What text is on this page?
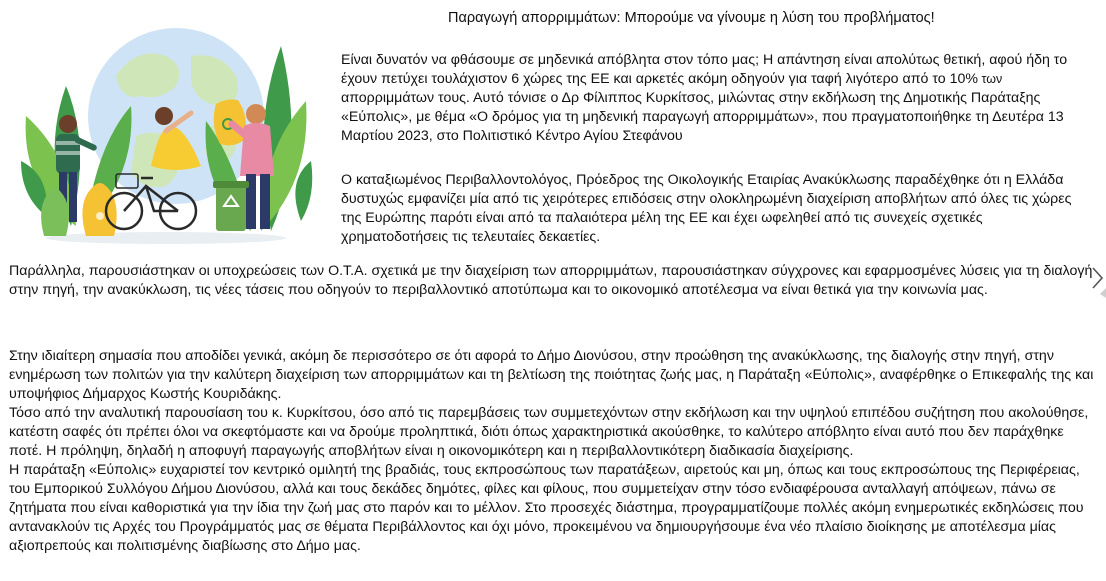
Παραγωγή απορριμμάτων: Μπορούμε να γίνουμε η λύση του προβλήματος!
Είναι δυνατόν να φθάσουμε σε μηδενικά απόβλητα στον τόπο μας; Η απάντηση είναι απολύτως θετική, αφού ήδη το έχουν πετύχει τουλάχιστον 6 χώρες της ΕΕ και αρκετές ακόμη οδηγούν για ταφή λιγότερο από το 10% των απορριμμάτων τους. Αυτό τόνισε ο Δρ Φίλιππος Κυρκίτσος, μιλώντας στην εκδήλωση της Δημοτικής Παράταξης «Εύπολις», με θέμα «Ο δρόμος για τη μηδενική παραγωγή απορριμμάτων», που πραγματοποιήθηκε τη Δευτέρα 13 Μαρτίου 2023, στο Πολιτιστικό Κέντρο Αγίου Στεφάνου
Ο καταξιωμένος Περιβαλλοντολόγος, Πρόεδρος της Οικολογικής Εταιρίας Ανακύκλωσης παραδέχθηκε ότι η Ελλάδα δυστυχώς εμφανίζει μία από τις χειρότερες επιδόσεις στην ολοκληρωμένη διαχείριση αποβλήτων από όλες τις χώρες της Ευρώπης παρότι είναι από τα παλαιότερα μέλη της ΕΕ και έχει ωφεληθεί από τις συνεχείς σχετικές χρηματοδοτήσεις τις τελευταίες δεκαετίες.
Παράλληλα, παρουσιάστηκαν οι υποχρεώσεις των Ο.Τ.Α. σχετικά με την διαχείριση των απορριμμάτων, παρουσιάστηκαν σύγχρονες και εφαρμοσμένες λύσεις για τη διαλογή στην πηγή, την ανακύκλωση, τις νέες τάσεις που οδηγούν το περιβαλλοντικό αποτύπωμα και το οικονομικό αποτέλεσμα να είναι θετικά για την κοινωνία μας.
Στην ιδιαίτερη σημασία που αποδίδει γενικά, ακόμη δε περισσότερο σε ότι αφορά το Δήμο Διονύσου, στην προώθηση της ανακύκλωσης, της διαλογής στην πηγή, στην ενημέρωση των πολιτών για την καλύτερη διαχείριση των απορριμμάτων και τη βελτίωση της ποιότητας ζωής μας, η Παράταξη «Εύπολις», αναφέρθηκε ο Επικεφαλής της και υποψήφιος Δήμαρχος Κωστής Κουριδάκης.
Τόσο από την αναλυτική παρουσίαση του κ. Κυρκίτσου, όσο από τις παρεμβάσεις των συμμετεχόντων στην εκδήλωση και την υψηλού επιπέδου συζήτηση που ακολούθησε, κατέστη σαφές ότι πρέπει όλοι να σκεφτόμαστε και να δρούμε προληπτικά, διότι όπως χαρακτηριστικά ακούσθηκε, το καλύτερο απόβλητο είναι αυτό που δεν παράχθηκε ποτέ. Η πρόληψη, δηλαδή η αποφυγή παραγωγής αποβλήτων είναι η οικονομικότερη και η περιβαλλοντικότερη διαδικασία διαχείρισης.
Η παράταξη «Εύπολις» ευχαριστεί τον κεντρικό ομιλητή της βραδιάς, τους εκπροσώπους των παρατάξεων, αιρετούς και μη, όπως και τους εκπροσώπους της Περιφέρειας, του Εμπορικού Συλλόγου Δήμου Διονύσου, αλλά και τους δεκάδες δημότες, φίλες και φίλους, που συμμετείχαν στην τόσο ενδιαφέρουσα ανταλλαγή απόψεων, πάνω σε ζητήματα που είναι καθοριστικά για την ίδια την ζωή μας στο παρόν και το μέλλον. Στο προσεχές διάστημα, προγραμματίζουμε πολλές ακόμη ενημερωτικές εκδηλώσεις που αντανακλούν τις Αρχές του Προγράμματός μας σε θέματα Περιβάλλοντος και όχι μόνο, προκειμένου να δημιουργήσουμε ένα νέο πλαίσιο διοίκησης με αποτέλεσμα μίας αξιοπρεπούς και πολιτισμένης διαβίωσης στο Δήμο μας.
